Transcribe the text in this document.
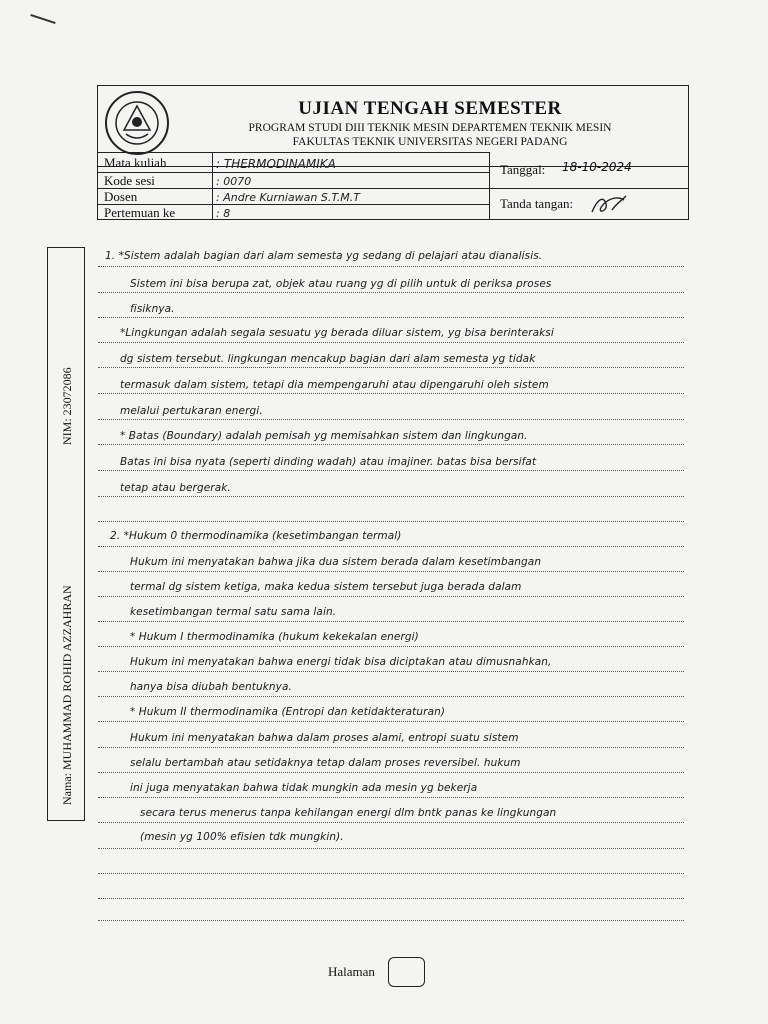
UJIAN TENGAH SEMESTER
PROGRAM STUDI DIII TEKNIK MESIN DEPARTEMEN TEKNIK MESIN
FAKULTAS TEKNIK UNIVERSITAS NEGERI PADANG
Mata kuliah	: THERMODINAMIKA
Kode sesi	: 0070
Dosen	: Andre Kurniawan S.T.M.T
Pertemuan ke	: 8
Tanggal: 18-10-2024
Tanda tangan:
Nama: MUHAMMAD ROHID AZZAHRAN
NIM: 23072086
1. *Sistem adalah bagian dari alam semesta yg sedang di pelajari atau dianalisis.
Sistem ini bisa berupa zat, objek atau ruang yg di pilih untuk di periksa proses
fisiknya.
*Lingkungan adalah segala sesuatu yg berada diluar sistem, yg bisa berinteraksi
dg sistem tersebut. lingkungan mencakup bagian dari alam semesta yg tidak
termasuk dalam sistem, tetapi dia mempengaruhi atau dipengaruhi oleh sistem
melalui pertukaran energi.
* Batas (Boundary) adalah pemisah yg memisahkan sistem dan lingkungan.
Batas ini bisa nyata (seperti dinding wadah) atau imajiner. batas bisa bersifat
tetap atau bergerak.
2. *Hukum 0 thermodinamika (kesetimbangan termal)
Hukum ini menyatakan bahwa jika dua sistem berada dalam kesetimbangan
termal dg sistem ketiga, maka kedua sistem tersebut juga berada dalam
kesetimbangan termal satu sama lain.
* Hukum I thermodinamika (hukum kekekalan energi)
Hukum ini menyatakan bahwa energi tidak bisa diciptakan atau dimusnahkan,
hanya bisa diubah bentuknya.
* Hukum II thermodinamika (Entropi dan ketidakteraturan)
Hukum ini menyatakan bahwa dalam proses alami, entropi suatu sistem
selalu bertambah atau setidaknya tetap dalam proses reversibel. hukum
ini juga menyatakan bahwa tidak mungkin ada mesin yg bekerja
secara terus menerus tanpa kehilangan energi dlm bntk panas ke lingkungan
(mesin yg 100% efisien tdk mungkin).
Halaman
